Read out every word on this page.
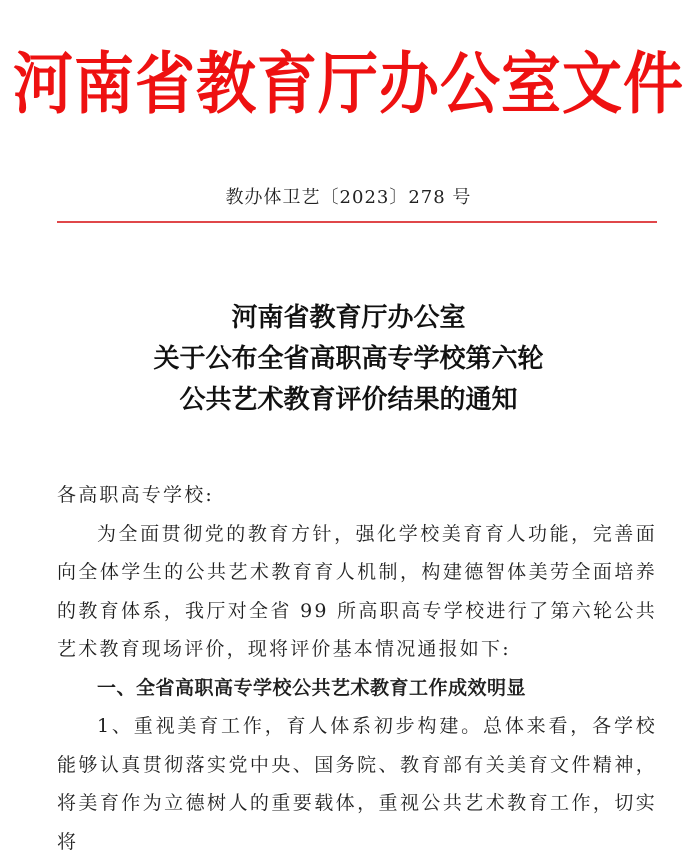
河南省教育厅办公室文件
教办体卫艺〔2023〕278 号
河南省教育厅办公室
关于公布全省高职高专学校第六轮
公共艺术教育评价结果的通知

各高职高专学校:

为全面贯彻党的教育方针，强化学校美育育人功能，完善面向全体学生的公共艺术教育育人机制，构建德智体美劳全面培养的教育体系，我厅对全省 99 所高职高专学校进行了第六轮公共艺术教育现场评价，现将评价基本情况通报如下:

一、全省高职高专学校公共艺术教育工作成效明显

1、重视美育工作，育人体系初步构建。总体来看，各学校能够认真贯彻落实党中央、国务院、教育部有关美育文件精神，将美育作为立德树人的重要载体，重视公共艺术教育工作，切实将
